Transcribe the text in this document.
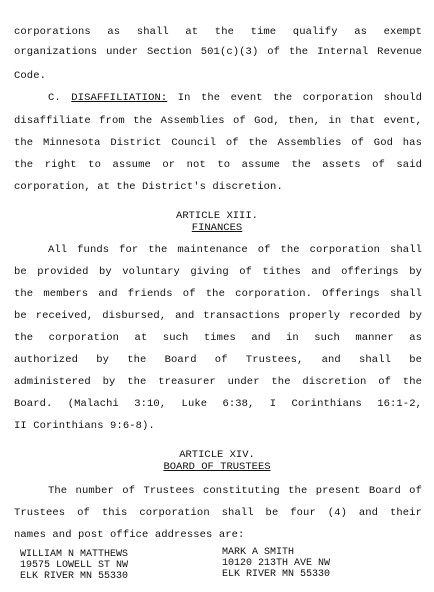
corporations as shall at the time qualify as exempt
organizations under Section 501(c)(3) of the Internal Revenue
Code.
C. DISAFFILIATION: In the event the corporation should
disaffiliate from the Assemblies of God, then, in that event,
the Minnesota District Council of the Assemblies of God has
the right to assume or not to assume the assets of said
corporation, at the District's discretion.
ARTICLE XIII.
FINANCES
All funds for the maintenance of the corporation shall
be provided by voluntary giving of tithes and offerings by
the members and friends of the corporation. Offerings shall
be received, disbursed, and transactions properly recorded by
the corporation at such times and in such manner as
authorized by the Board of Trustees, and shall be
administered by the treasurer under the discretion of the
Board. (Malachi 3:10, Luke 6:38, I Corinthians 16:1-2,
II Corinthians 9:6-8).
ARTICLE XIV.
BOARD OF TRUSTEES
The number of Trustees constituting the present Board of
Trustees of this corporation shall be four (4) and their
names and post office addresses are:
WILLIAM N MATTHEWS
19575 LOWELL ST NW
ELK RIVER MN 55330
MARK A SMITH
10120 213TH AVE NW
ELK RIVER MN 55330
